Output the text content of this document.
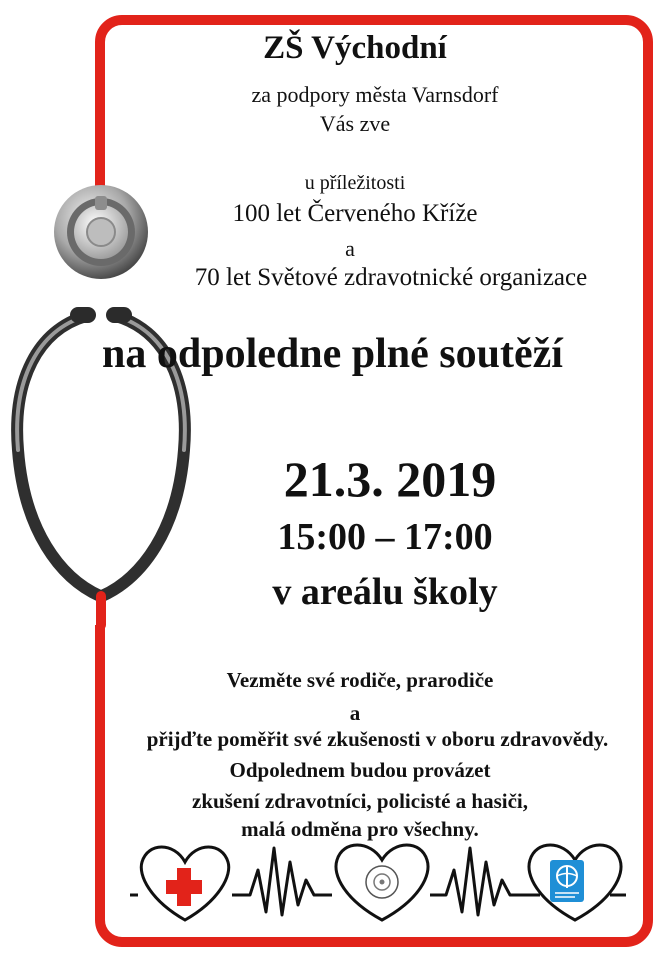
ZŠ Východní
za podpory města Varnsdorf
Vás zve
u příležitosti
100 let Červeného Kříže
a
70 let Světové zdravotnické organizace
na odpoledne plné soutěží
21.3. 2019
15:00 – 17:00
v areálu školy
Vezměte své rodiče, prarodiče
a
přijďte poměřit své zkušenosti v oboru zdravovědy.
Odpolednem budou provázet
zkušení zdravotníci, policisté a hasiči,
malá odměna pro všechny.
